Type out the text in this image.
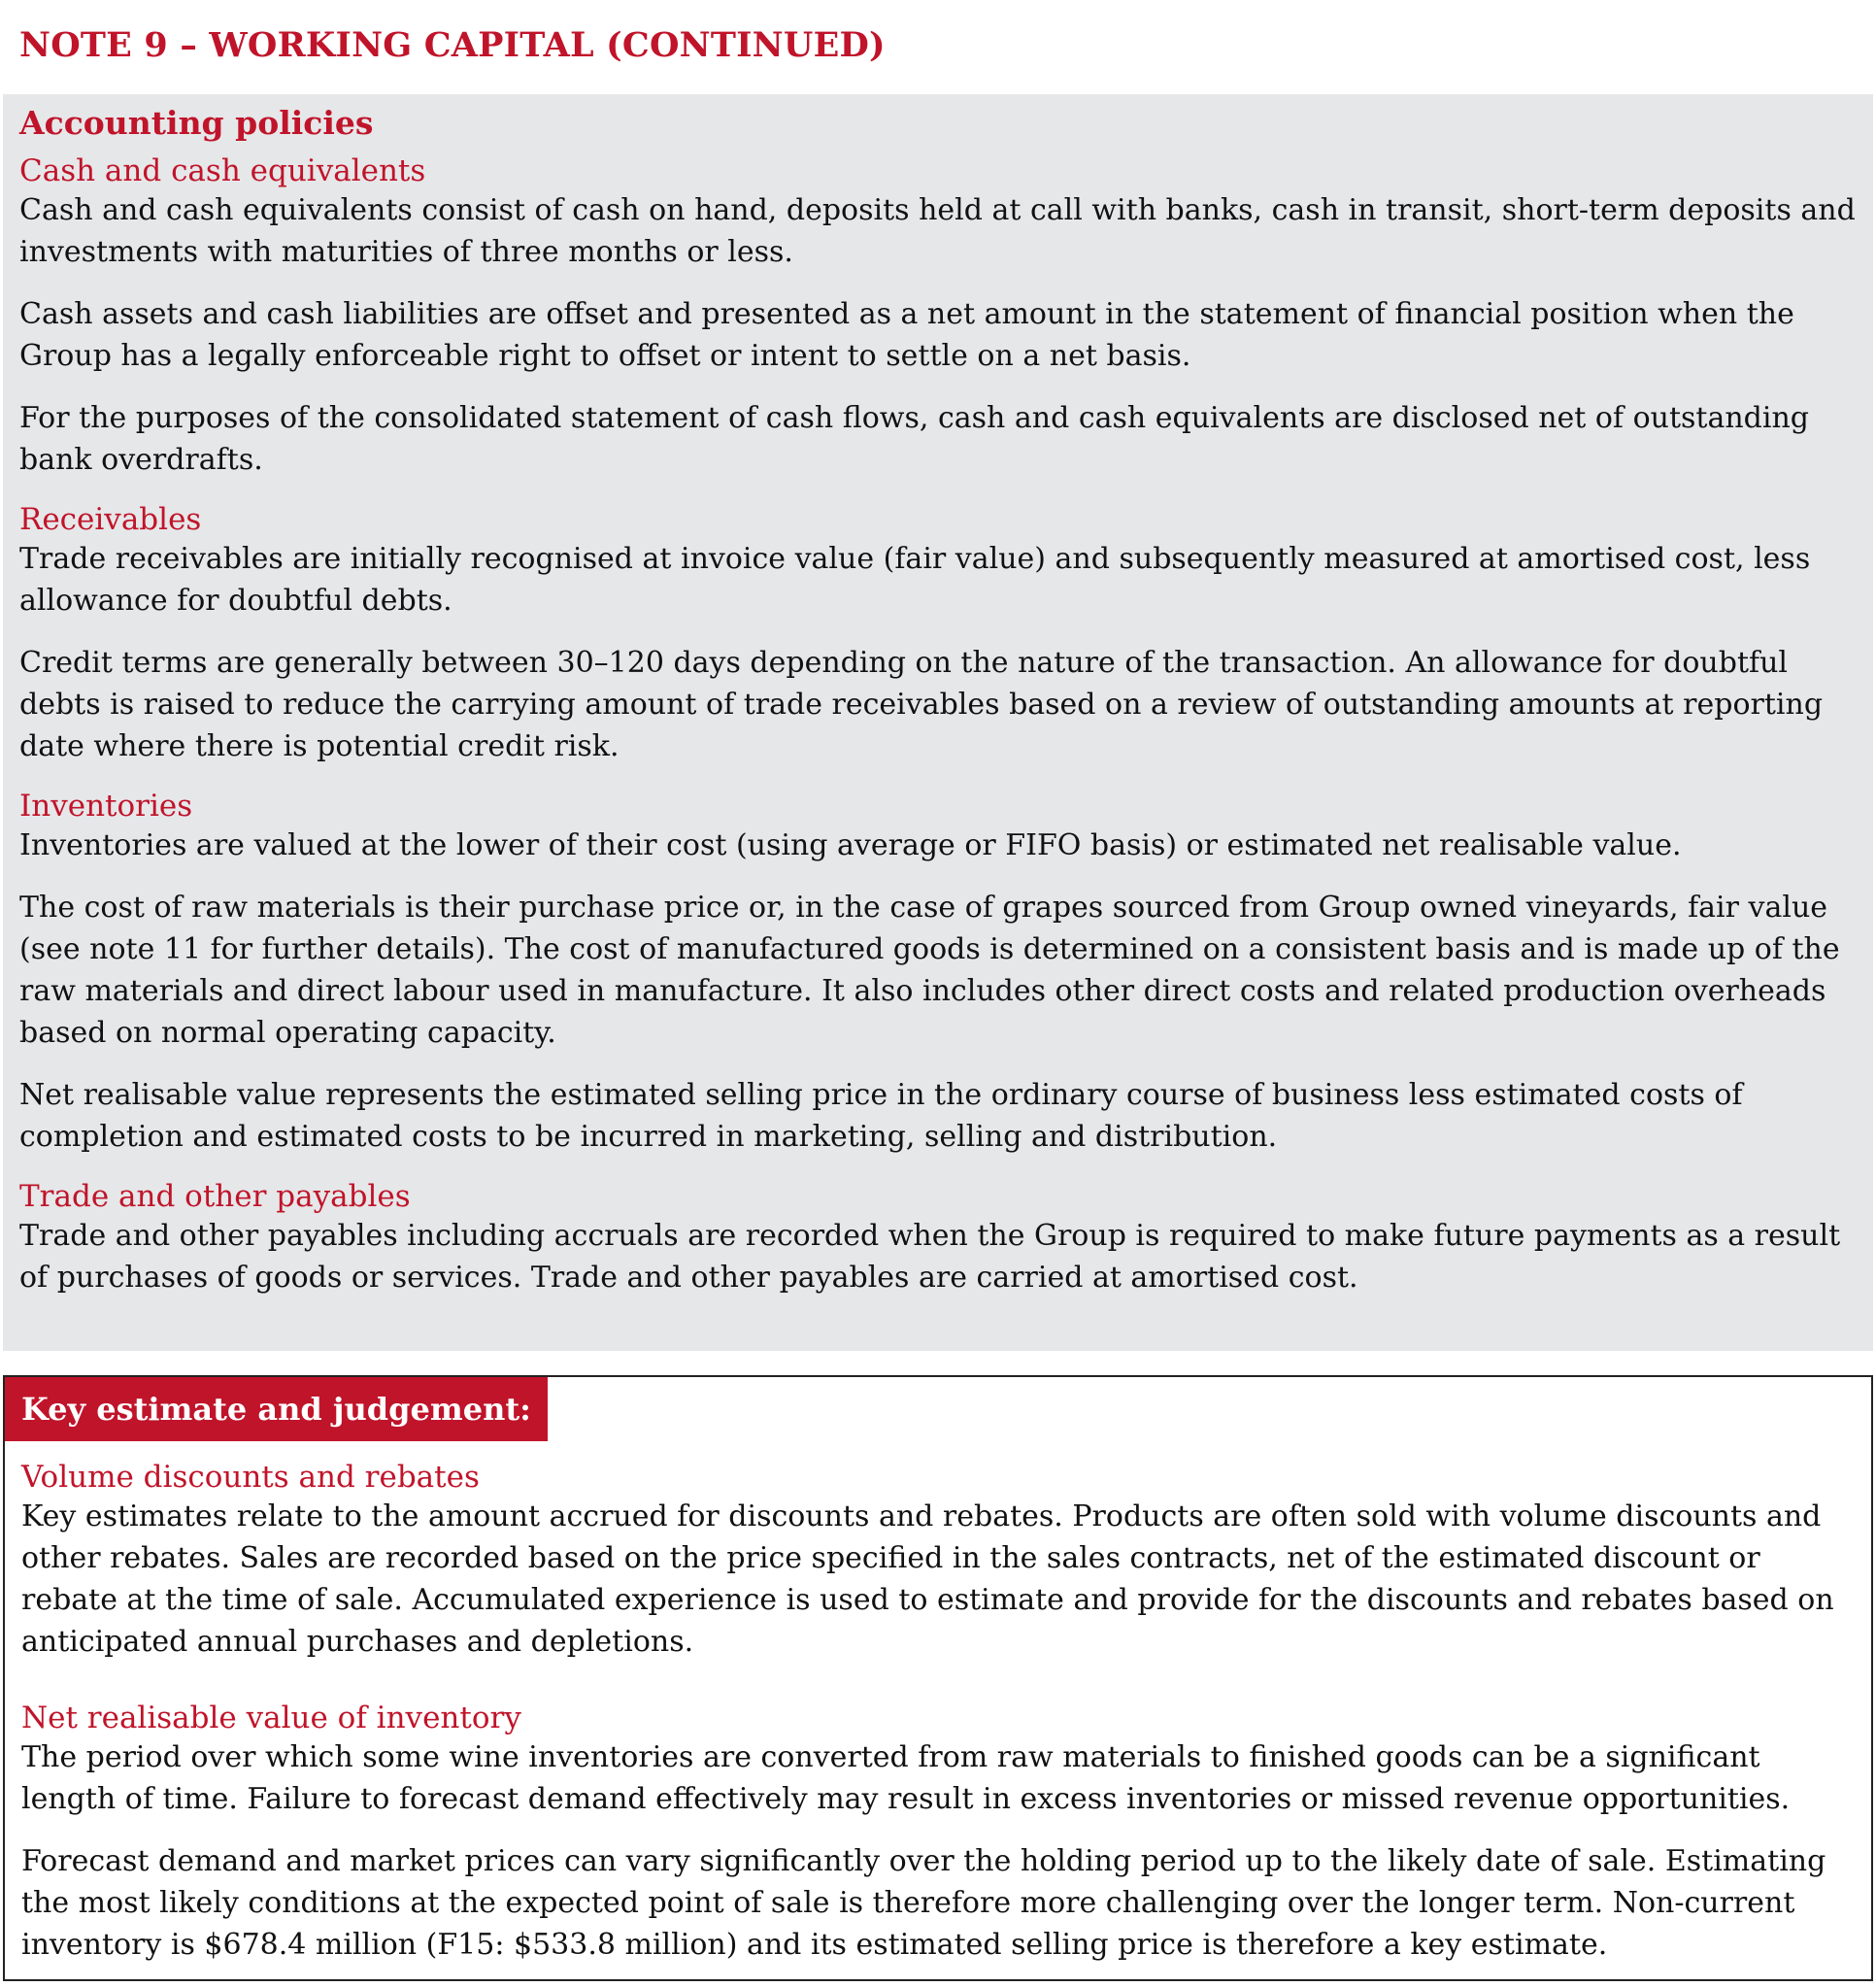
NOTE 9 – WORKING CAPITAL (CONTINUED)
Accounting policies
Cash and cash equivalents

Cash and cash equivalents consist of cash on hand, deposits held at call with banks, cash in transit, short-term deposits and investments with maturities of three months or less.

Cash assets and cash liabilities are offset and presented as a net amount in the statement of financial position when the Group has a legally enforceable right to offset or intent to settle on a net basis.

For the purposes of the consolidated statement of cash flows, cash and cash equivalents are disclosed net of outstanding bank overdrafts.

Receivables

Trade receivables are initially recognised at invoice value (fair value) and subsequently measured at amortised cost, less allowance for doubtful debts.

Credit terms are generally between 30–120 days depending on the nature of the transaction. An allowance for doubtful debts is raised to reduce the carrying amount of trade receivables based on a review of outstanding amounts at reporting date where there is potential credit risk.

Inventories

Inventories are valued at the lower of their cost (using average or FIFO basis) or estimated net realisable value.

The cost of raw materials is their purchase price or, in the case of grapes sourced from Group owned vineyards, fair value (see note 11 for further details). The cost of manufactured goods is determined on a consistent basis and is made up of the raw materials and direct labour used in manufacture. It also includes other direct costs and related production overheads based on normal operating capacity.

Net realisable value represents the estimated selling price in the ordinary course of business less estimated costs of completion and estimated costs to be incurred in marketing, selling and distribution.

Trade and other payables

Trade and other payables including accruals are recorded when the Group is required to make future payments as a result of purchases of goods or services. Trade and other payables are carried at amortised cost.

Key estimate and judgement:
Volume discounts and rebates

Key estimates relate to the amount accrued for discounts and rebates. Products are often sold with volume discounts and other rebates. Sales are recorded based on the price specified in the sales contracts, net of the estimated discount or rebate at the time of sale. Accumulated experience is used to estimate and provide for the discounts and rebates based on anticipated annual purchases and depletions.

Net realisable value of inventory

The period over which some wine inventories are converted from raw materials to finished goods can be a significant length of time. Failure to forecast demand effectively may result in excess inventories or missed revenue opportunities.

Forecast demand and market prices can vary significantly over the holding period up to the likely date of sale. Estimating the most likely conditions at the expected point of sale is therefore more challenging over the longer term. Non-current inventory is $678.4 million (F15: $533.8 million) and its estimated selling price is therefore a key estimate.
